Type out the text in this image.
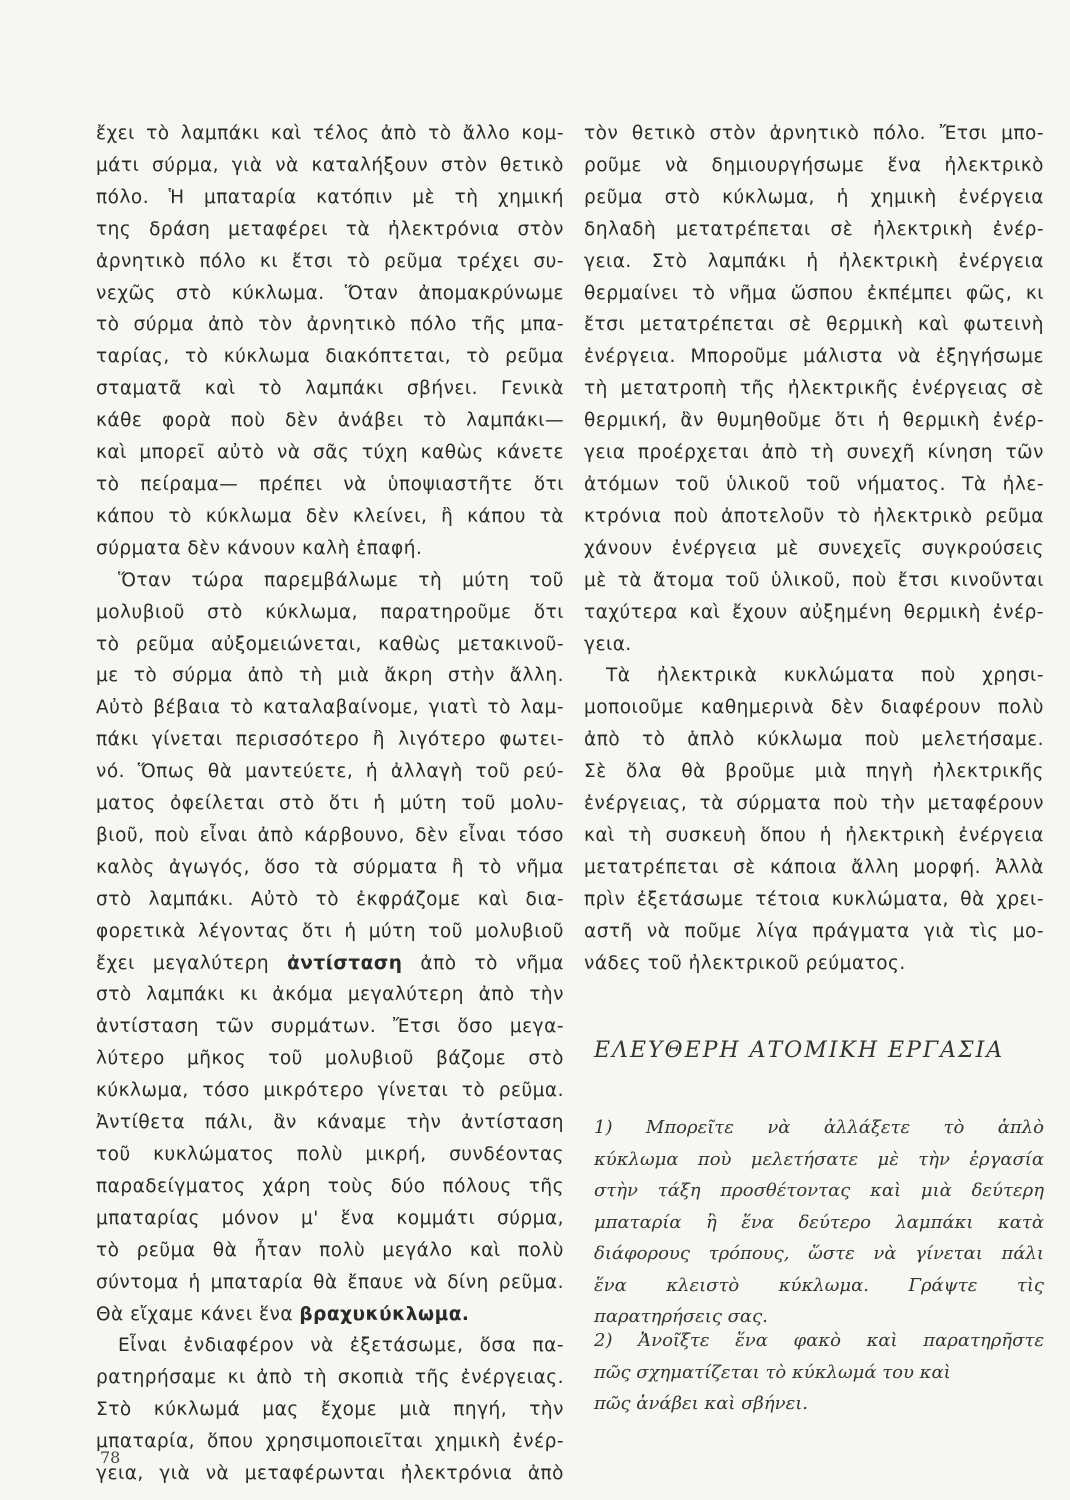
ἔχει τὸ λαμπάκι καὶ τέλος ἀπὸ τὸ ἄλλο κομ-
μάτι σύρμα, γιὰ νὰ καταλήξουν στὸν θετικὸ
πόλο. Ἡ μπαταρία κατόπιν μὲ τὴ χημική
της δράση μεταφέρει τὰ ἠλεκτρόνια στὸν
ἀρνητικὸ πόλο κι ἔτσι τὸ ρεῦμα τρέχει συ-
νεχῶς στὸ κύκλωμα. Ὅταν ἀπομακρύνωμε
τὸ σύρμα ἀπὸ τὸν ἀρνητικὸ πόλο τῆς μπα-
ταρίας, τὸ κύκλωμα διακόπτεται, τὸ ρεῦμα
σταματᾶ καὶ τὸ λαμπάκι σβήνει. Γενικὰ
κάθε φορὰ ποὺ δὲν ἀνάβει τὸ λαμπάκι—
καὶ μπορεῖ αὐτὸ νὰ σᾶς τύχη καθὼς κάνετε
τὸ πείραμα— πρέπει νὰ ὑποψιαστῆτε ὅτι
κάπου τὸ κύκλωμα δὲν κλείνει, ἢ κάπου τὰ
σύρματα δὲν κάνουν καλὴ ἐπαφή.
Ὅταν τώρα παρεμβάλωμε τὴ μύτη τοῦ
μολυβιοῦ στὸ κύκλωμα, παρατηροῦμε ὅτι
τὸ ρεῦμα αὐξομειώνεται, καθὼς μετακινοῦ-
με τὸ σύρμα ἀπὸ τὴ μιὰ ἄκρη στὴν ἄλλη.
Αὐτὸ βέβαια τὸ καταλαβαίνομε, γιατὶ τὸ λαμ-
πάκι γίνεται περισσότερο ἢ λιγότερο φωτει-
νό. Ὅπως θὰ μαντεύετε, ἡ ἀλλαγὴ τοῦ ρεύ-
ματος ὀφείλεται στὸ ὅτι ἡ μύτη τοῦ μολυ-
βιοῦ, ποὺ εἶναι ἀπὸ κάρβουνο, δὲν εἶναι τόσο
καλὸς ἀγωγός, ὅσο τὰ σύρματα ἢ τὸ νῆμα
στὸ λαμπάκι. Αὐτὸ τὸ ἐκφράζομε καὶ δια-
φορετικὰ λέγοντας ὅτι ἡ μύτη τοῦ μολυβιοῦ
ἔχει μεγαλύτερη ἀντίσταση ἀπὸ τὸ νῆμα
στὸ λαμπάκι κι ἀκόμα μεγαλύτερη ἀπὸ τὴν
ἀντίσταση τῶν συρμάτων. Ἔτσι ὅσο μεγα-
λύτερο μῆκος τοῦ μολυβιοῦ βάζομε στὸ
κύκλωμα, τόσο μικρότερο γίνεται τὸ ρεῦμα.
Ἀντίθετα πάλι, ἂν κάναμε τὴν ἀντίσταση
τοῦ κυκλώματος πολὺ μικρή, συνδέοντας
παραδείγματος χάρη τοὺς δύο πόλους τῆς
μπαταρίας μόνον μ' ἕνα κομμάτι σύρμα,
τὸ ρεῦμα θὰ ἦταν πολὺ μεγάλο καὶ πολὺ
σύντομα ἡ μπαταρία θὰ ἔπαυε νὰ δίνη ρεῦμα.
Θὰ εἴχαμε κάνει ἕνα βραχυκύκλωμα.
Εἶναι ἐνδιαφέρον νὰ ἐξετάσωμε, ὅσα πα-
ρατηρήσαμε κι ἀπὸ τὴ σκοπιὰ τῆς ἐνέργειας.
Στὸ κύκλωμά μας ἔχομε μιὰ πηγή, τὴν
μπαταρία, ὅπου χρησιμοποιεῖται χημικὴ ἐνέρ-
γεια, γιὰ νὰ μεταφέρωνται ἠλεκτρόνια ἀπὸ
τὸν θετικὸ στὸν ἀρνητικὸ πόλο. Ἔτσι μπο-
ροῦμε νὰ δημιουργήσωμε ἕνα ἠλεκτρικὸ
ρεῦμα στὸ κύκλωμα, ἡ χημικὴ ἐνέργεια
δηλαδὴ μετατρέπεται σὲ ἠλεκτρικὴ ἐνέρ-
γεια. Στὸ λαμπάκι ἡ ἠλεκτρικὴ ἐνέργεια
θερμαίνει τὸ νῆμα ὥσπου ἐκπέμπει φῶς, κι
ἔτσι μετατρέπεται σὲ θερμικὴ καὶ φωτεινὴ
ἐνέργεια. Μποροῦμε μάλιστα νὰ ἐξηγήσωμε
τὴ μετατροπὴ τῆς ἠλεκτρικῆς ἐνέργειας σὲ
θερμική, ἂν θυμηθοῦμε ὅτι ἡ θερμικὴ ἐνέρ-
γεια προέρχεται ἀπὸ τὴ συνεχῆ κίνηση τῶν
ἀτόμων τοῦ ὑλικοῦ τοῦ νήματος. Τὰ ἠλε-
κτρόνια ποὺ ἀποτελοῦν τὸ ἠλεκτρικὸ ρεῦμα
χάνουν ἐνέργεια μὲ συνεχεῖς συγκρούσεις
μὲ τὰ ἄτομα τοῦ ὑλικοῦ, ποὺ ἔτσι κινοῦνται
ταχύτερα καὶ ἔχουν αὐξημένη θερμικὴ ἐνέρ-
γεια.
Τὰ ἠλεκτρικὰ κυκλώματα ποὺ χρησι-
μοποιοῦμε καθημερινὰ δὲν διαφέρουν πολὺ
ἀπὸ τὸ ἁπλὸ κύκλωμα ποὺ μελετήσαμε.
Σὲ ὅλα θὰ βροῦμε μιὰ πηγὴ ἠλεκτρικῆς
ἐνέργειας, τὰ σύρματα ποὺ τὴν μεταφέρουν
καὶ τὴ συσκευὴ ὅπου ἡ ἠλεκτρικὴ ἐνέργεια
μετατρέπεται σὲ κάποια ἄλλη μορφή. Ἀλλὰ
πρὶν ἐξετάσωμε τέτοια κυκλώματα, θὰ χρει-
αστῆ νὰ ποῦμε λίγα πράγματα γιὰ τὶς μο-
νάδες τοῦ ἠλεκτρικοῦ ρεύματος.
ΕΛΕΥΘΕΡΗ ΑΤΟΜΙΚΗ ΕΡΓΑΣΙΑ
1) Μπορεῖτε νὰ ἀλλάξετε τὸ ἁπλὸ
κύκλωμα ποὺ μελετήσατε μὲ τὴν ἐργασία
στὴν τάξη προσθέτοντας καὶ μιὰ δεύτερη
μπαταρία ἢ ἕνα δεύτερο λαμπάκι κατὰ
διάφορους τρόπους, ὥστε νὰ γίνεται πάλι
ἕνα κλειστὸ κύκλωμα. Γράψτε τὶς
παρατηρήσεις σας.
2) Ἀνοῖξτε ἕνα φακὸ καὶ παρατηρῆστε
πῶς σχηματίζεται τὸ κύκλωμά του καὶ
πῶς ἀνάβει καὶ σβήνει.
78
